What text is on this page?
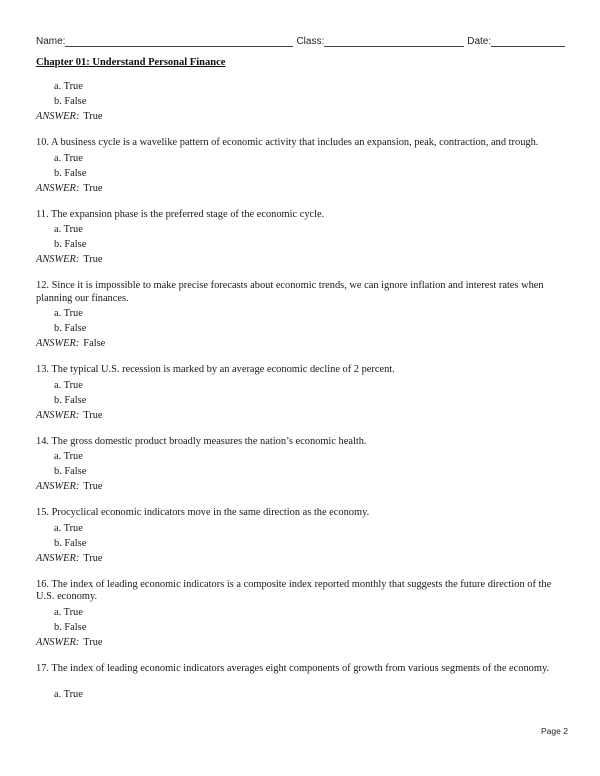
Name:	Class:	Date:
Chapter 01: Understand Personal Finance
a. True
b. False
ANSWER: True
10. A business cycle is a wavelike pattern of economic activity that includes an expansion, peak, contraction, and trough.
a. True
b. False
ANSWER: True
11. The expansion phase is the preferred stage of the economic cycle.
a. True
b. False
ANSWER: True
12. Since it is impossible to make precise forecasts about economic trends, we can ignore inflation and interest rates when planning our finances.
a. True
b. False
ANSWER: False
13. The typical U.S. recession is marked by an average economic decline of 2 percent.
a. True
b. False
ANSWER: True
14. The gross domestic product broadly measures the nation’s economic health.
a. True
b. False
ANSWER: True
15. Procyclical economic indicators move in the same direction as the economy.
a. True
b. False
ANSWER: True
16. The index of leading economic indicators is a composite index reported monthly that suggests the future direction of the U.S. economy.
a. True
b. False
ANSWER: True
17. The index of leading economic indicators averages eight components of growth from various segments of the economy.
a. True
Page 2
